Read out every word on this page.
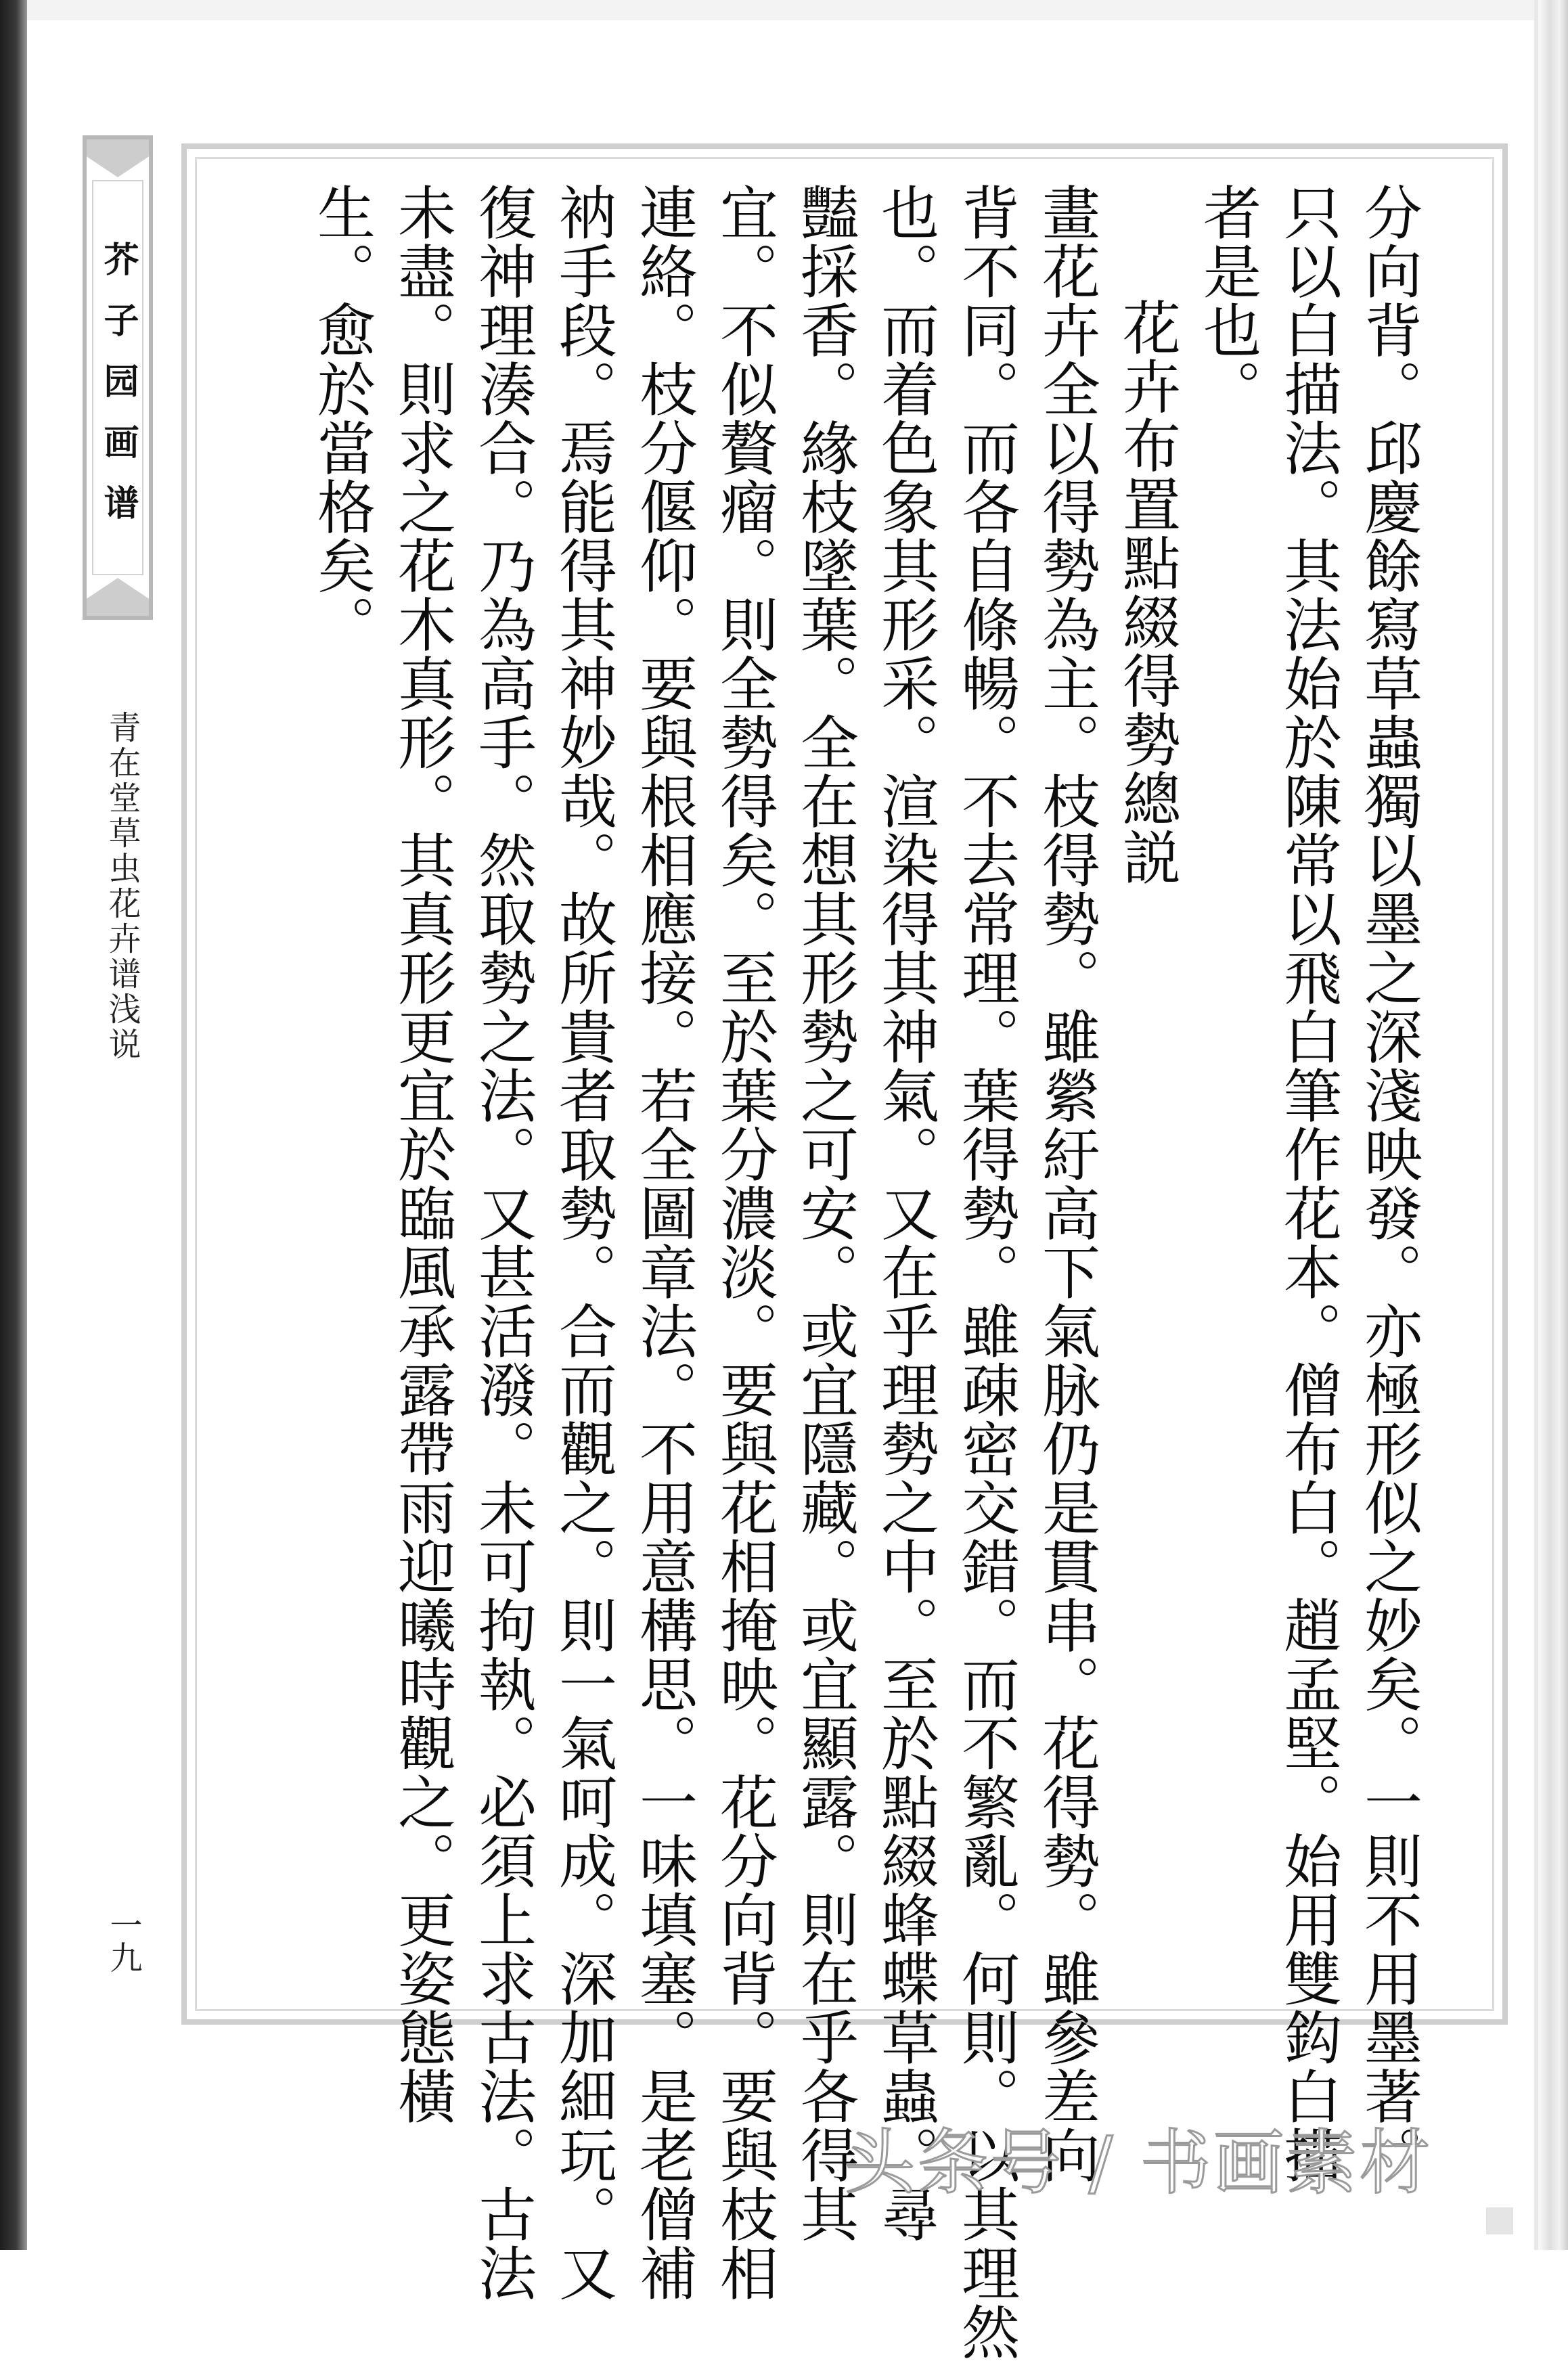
芥子园画谱
青在堂草虫花卉谱浅说
一九	分向背。邱慶餘寫草蟲獨以墨之深淺映發。亦極形似之妙矣。一則不用墨著。

只以白描法。其法始於陳常以飛白筆作花本。僧布白。趙孟堅。始用雙鈎白描

者是也。

花卉布置點綴得勢總説

畫花卉全以得勢為主。枝得勢。雖縈紆高下氣脉仍是貫串。花得勢。雖參差向

背不同。而各自條暢。不去常理。葉得勢。雖疎密交錯。而不繁亂。何則。以其理然

也。而着色象其形采。渲染得其神氣。又在乎理勢之中。至於點綴蜂蝶草蟲。尋

豔採香。緣枝墜葉。全在想其形勢之可安。或宜隱藏。或宜顯露。則在乎各得其

宜。不似贅瘤。則全勢得矣。至於葉分濃淡。要與花相掩映。花分向背。要與枝相

連絡。枝分偃仰。要與根相應接。若全圖章法。不用意構思。一味填塞。是老僧補

衲手段。焉能得其神妙哉。故所貴者取勢。合而觀之。則一氣呵成。深加細玩。又

復神理湊合。乃為高手。然取勢之法。又甚活潑。未可拘執。必須上求古法。古法

未盡。則求之花木真形。其真形更宜於臨風承露帶雨迎曦時觀之。更姿態橫

生。愈於當格矣。

头条号 / 书画素材
